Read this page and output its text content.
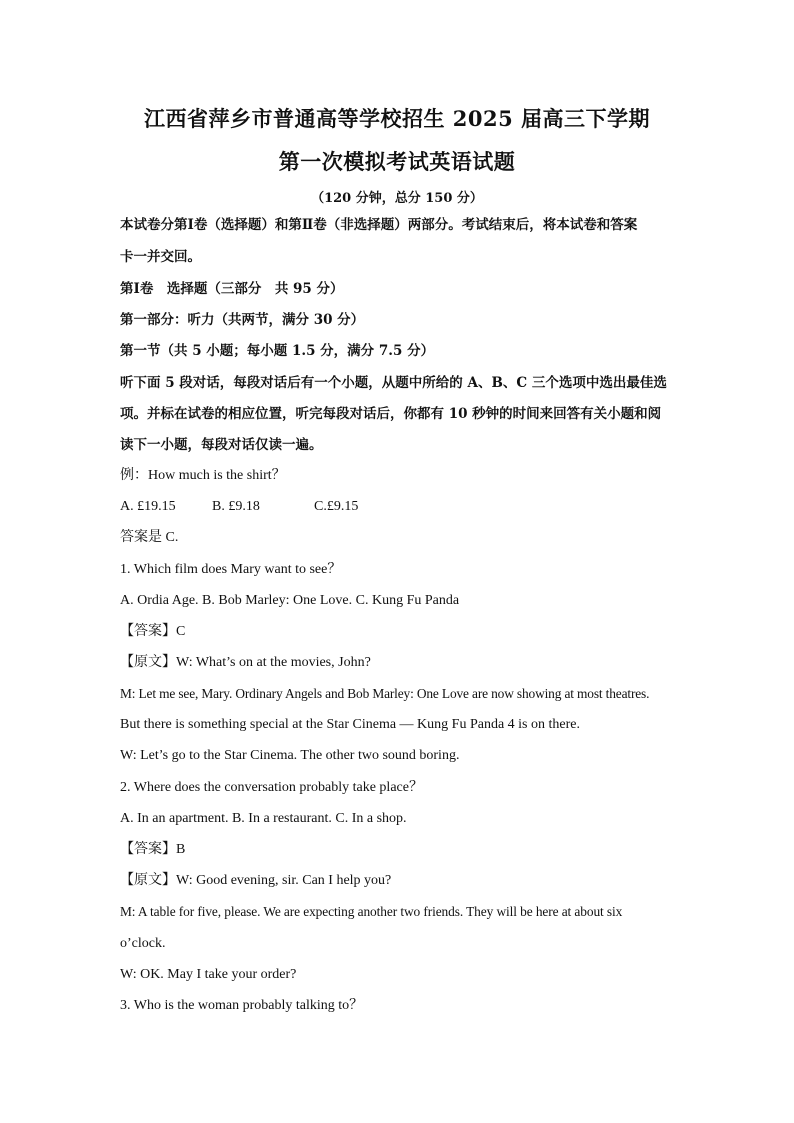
江西省萍乡市普通高等学校招生 2025 届高三下学期
第一次模拟考试英语试题
（120 分钟，总分 150 分）
本试卷分第Ⅰ卷（选择题）和第Ⅱ卷（非选择题）两部分。考试结束后，将本试卷和答案
卡一并交回。
第Ⅰ卷　选择题（三部分　共 95 分）
第一部分：听力（共两节，满分 30 分）
第一节（共 5 小题；每小题 1.5 分，满分 7.5 分）
听下面 5 段对话，每段对话后有一个小题，从题中所给的 A、B、C 三个选项中选出最佳选
项。并标在试卷的相应位置，听完每段对话后，你都有 10 秒钟的时间来回答有关小题和阅
读下一小题，每段对话仅读一遍。
例：How much is the shirt？
A. £19.15	B. £9.18	C.£9.15
答案是 C.
1. Which film does Mary want to see？
A. Ordia Age. B. Bob Marley: One Love. C. Kung Fu Panda
【答案】C
【原文】W: What’s on at the movies, John?
M: Let me see, Mary. Ordinary Angels and Bob Marley: One Love are now showing at most theatres.
But there is something special at the Star Cinema — Kung Fu Panda 4 is on there.
W: Let’s go to the Star Cinema. The other two sound boring.
2. Where does the conversation probably take place？
A. In an apartment. B. In a restaurant. C. In a shop.
【答案】B
【原文】W: Good evening, sir. Can I help you?
M: A table for five, please. We are expecting another two friends. They will be here at about six
o’clock.
W: OK. May I take your order?
3. Who is the woman probably talking to？
